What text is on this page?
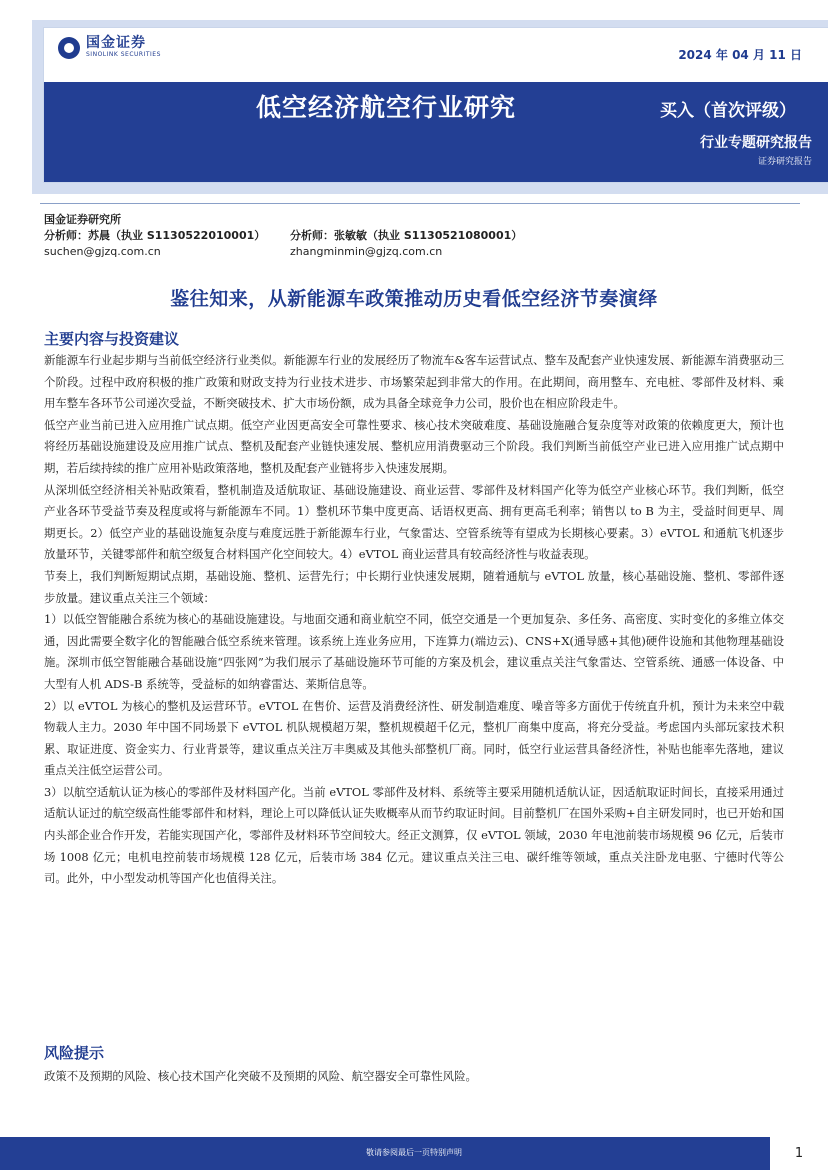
国金证券
SINOLINK SECURITIES	2024 年 04 月 11 日
低空经济航空行业研究	买入（首次评级）
行业专题研究报告
证券研究报告
国金证券研究所
分析师：苏晨（执业 S1130522010001）	分析师：张敏敏（执业 S1130521080001）
suchen@gjzq.com.cn	zhangminmin@gjzq.com.cn
鉴往知来，从新能源车政策推动历史看低空经济节奏演绎
主要内容与投资建议

新能源车行业起步期与当前低空经济行业类似。新能源车行业的发展经历了物流车&客车运营试点、整车及配套产业快速发展、新能源车消费驱动三个阶段。过程中政府积极的推广政策和财政支持为行业技术进步、市场繁荣起到非常大的作用。在此期间，商用整车、充电桩、零部件及材料、乘用车整车各环节公司递次受益，不断突破技术、扩大市场份额，成为具备全球竞争力公司，股价也在相应阶段走牛。

低空产业当前已进入应用推广试点期。低空产业因更高安全可靠性要求、核心技术突破难度、基础设施融合复杂度等对政策的依赖度更大，预计也将经历基础设施建设及应用推广试点、整机及配套产业链快速发展、整机应用消费驱动三个阶段。我们判断当前低空产业已进入应用推广试点期中期，若后续持续的推广应用补贴政策落地，整机及配套产业链将步入快速发展期。

从深圳低空经济相关补贴政策看，整机制造及适航取证、基础设施建设、商业运营、零部件及材料国产化等为低空产业核心环节。我们判断，低空产业各环节受益节奏及程度或将与新能源车不同。1）整机环节集中度更高、话语权更高、拥有更高毛利率；销售以 to B 为主，受益时间更早、周期更长。2）低空产业的基础设施复杂度与难度远胜于新能源车行业，气象雷达、空管系统等有望成为长期核心要素。3）eVTOL 和通航飞机逐步放量环节，关键零部件和航空级复合材料国产化空间较大。4）eVTOL 商业运营具有较高经济性与收益表现。

节奏上，我们判断短期试点期，基础设施、整机、运营先行；中长期行业快速发展期，随着通航与 eVTOL 放量，核心基础设施、整机、零部件逐步放量。建议重点关注三个领域：

1）以低空智能融合系统为核心的基础设施建设。与地面交通和商业航空不同，低空交通是一个更加复杂、多任务、高密度、实时变化的多维立体交通，因此需要全数字化的智能融合低空系统来管理。该系统上连业务应用，下连算力(端边云)、CNS+X(通导感+其他)硬件设施和其他物理基础设施。深圳市低空智能融合基础设施“四张网”为我们展示了基础设施环节可能的方案及机会，建议重点关注气象雷达、空管系统、通感一体设备、中大型有人机 ADS-B 系统等，受益标的如纳睿雷达、莱斯信息等。

2）以 eVTOL 为核心的整机及运营环节。eVTOL 在售价、运营及消费经济性、研发制造难度、噪音等多方面优于传统直升机，预计为未来空中载物载人主力。2030 年中国不同场景下 eVTOL 机队规模超万架，整机规模超千亿元，整机厂商集中度高，将充分受益。考虑国内头部玩家技术积累、取证进度、资金实力、行业背景等，建议重点关注万丰奥威及其他头部整机厂商。同时，低空行业运营具备经济性，补贴也能率先落地，建议重点关注低空运营公司。

3）以航空适航认证为核心的零部件及材料国产化。当前 eVTOL 零部件及材料、系统等主要采用随机适航认证，因适航取证时间长，直接采用通过适航认证过的航空级高性能零部件和材料，理论上可以降低认证失败概率从而节约取证时间。目前整机厂在国外采购+自主研发同时，也已开始和国内头部企业合作开发，若能实现国产化，零部件及材料环节空间较大。经正文测算，仅 eVTOL 领域，2030 年电池前装市场规模 96 亿元，后装市场 1008 亿元；电机电控前装市场规模 128 亿元，后装市场 384 亿元。建议重点关注三电、碳纤维等领域，重点关注卧龙电驱、宁德时代等公司。此外，中小型发动机等国产化也值得关注。

风险提示
政策不及预期的风险、核心技术国产化突破不及预期的风险、航空器安全可靠性风险。
敬请参阅最后一页特别声明	1
